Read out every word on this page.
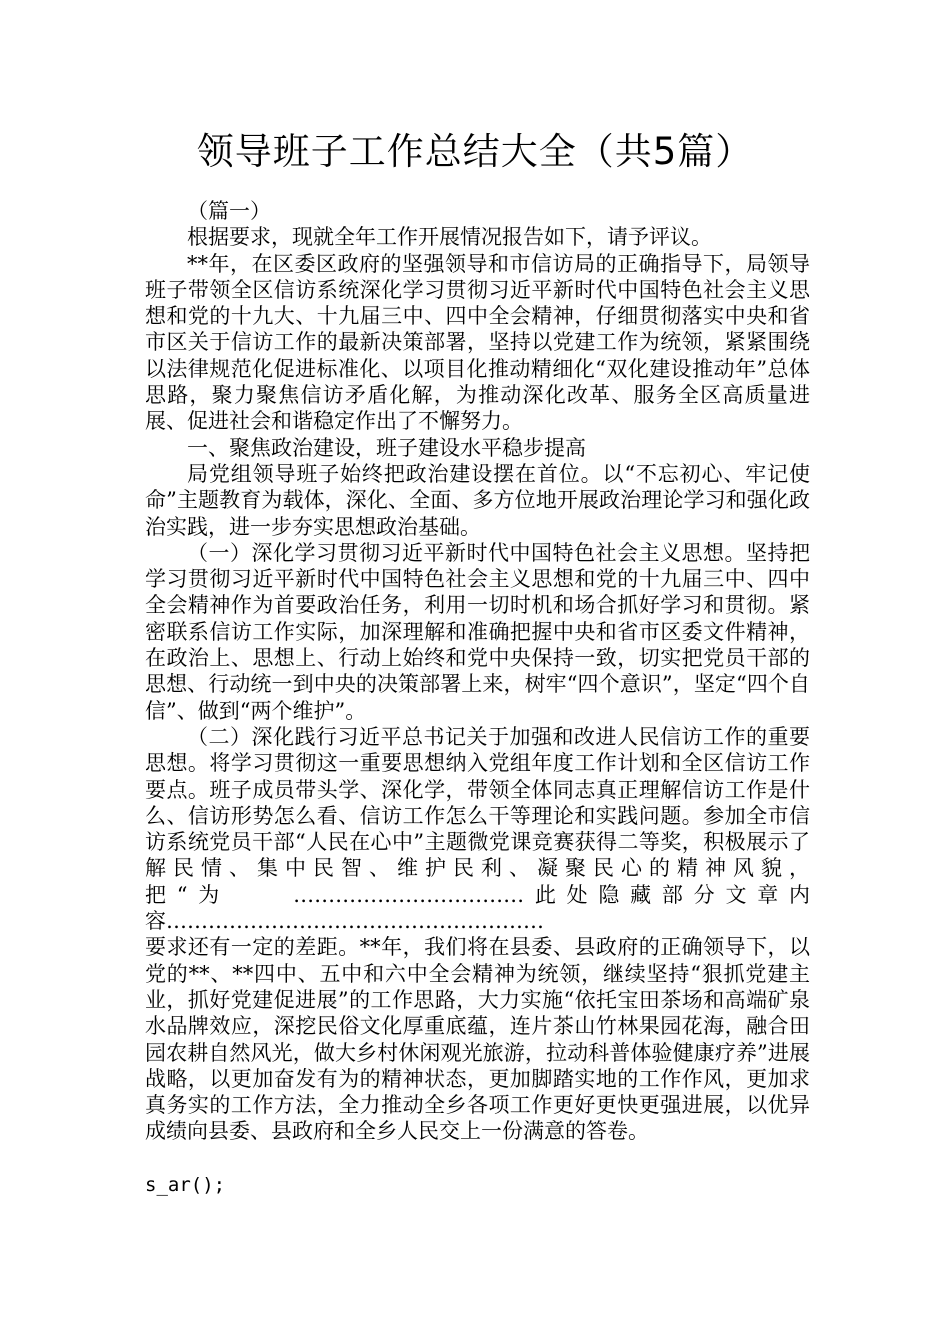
领导班子工作总结大全（共5篇）

（篇一）

根据要求，现就全年工作开展情况报告如下，请予评议。

**年，在区委区政府的坚强领导和市信访局的正确指导下，局领导班子带领全区信访系统深化学习贯彻习近平新时代中国特色社会主义思想和党的十九大、十九届三中、四中全会精神，仔细贯彻落实中央和省市区关于信访工作的最新决策部署，坚持以党建工作为统领，紧紧围绕以法律规范化促进标准化、以项目化推动精细化“双化建设推动年”总体思路，聚力聚焦信访矛盾化解，为推动深化改革、服务全区高质量进展、促进社会和谐稳定作出了不懈努力。

一、聚焦政治建设，班子建设水平稳步提高

局党组领导班子始终把政治建设摆在首位。以“不忘初心、牢记使命”主题教育为载体，深化、全面、多方位地开展政治理论学习和强化政治实践，进一步夯实思想政治基础。

（一）深化学习贯彻习近平新时代中国特色社会主义思想。坚持把学习贯彻习近平新时代中国特色社会主义思想和党的十九届三中、四中全会精神作为首要政治任务，利用一切时机和场合抓好学习和贯彻。紧密联系信访工作实际，加深理解和准确把握中央和省市区委文件精神，在政治上、思想上、行动上始终和党中央保持一致，切实把党员干部的思想、行动统一到中央的决策部署上来，树牢“四个意识”，坚定“四个自信”、做到“两个维护”。

（二）深化践行习近平总书记关于加强和改进人民信访工作的重要思想。将学习贯彻这一重要思想纳入党组年度工作计划和全区信访工作要点。班子成员带头学、深化学，带领全体同志真正理解信访工作是什么、信访形势怎么看、信访工作怎么干等理论和实践问题。参加全市信访系统党员干部“人民在心中”主题微党课竞赛获得二等奖，积极展示了解民情、集中民智、维护民利、凝聚民心的精神风貌，把“为   	……………………………此处隐藏部分文章内容………………………………………………

要求还有一定的差距。**年，我们将在县委、县政府的正确领导下，以党的**、**四中、五中和六中全会精神为统领，继续坚持“狠抓党建主业，抓好党建促进展”的工作思路，大力实施“依托宝田茶场和高端矿泉水品牌效应，深挖民俗文化厚重底蕴，连片茶山竹林果园花海，融合田园农耕自然风光，做大乡村休闲观光旅游，拉动科普体验健康疗养”进展战略，以更加奋发有为的精神状态，更加脚踏实地的工作作风，更加求真务实的工作方法，全力推动全乡各项工作更好更快更强进展，以优异成绩向县委、县政府和全乡人民交上一份满意的答卷。

s_ar();
